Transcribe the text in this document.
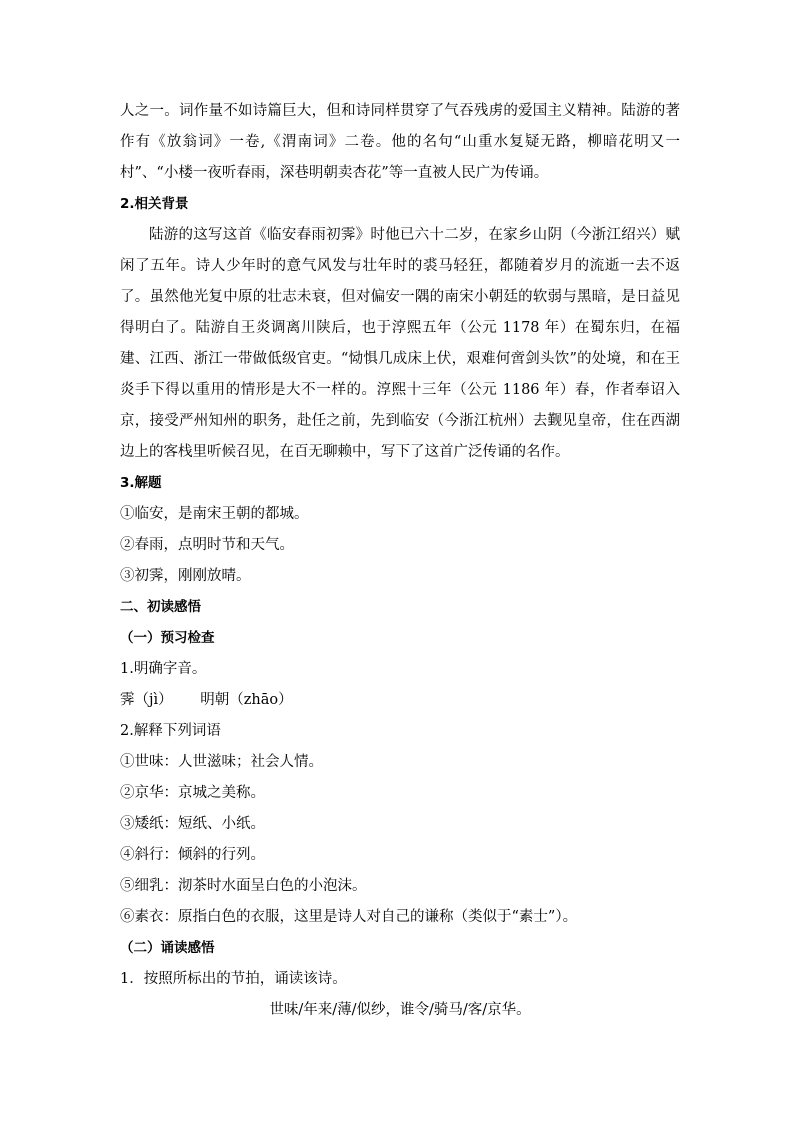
人之一。词作量不如诗篇巨大，但和诗同样贯穿了气吞残虏的爱国主义精神。陆游的著作有《放翁词》一卷,《渭南词》二卷。他的名句“山重水复疑无路，柳暗花明又一村”、“小楼一夜听春雨，深巷明朝卖杏花”等一直被人民广为传诵。

2.相关背景

陆游的这写这首《临安春雨初霁》时他已六十二岁，在家乡山阴（今浙江绍兴）赋闲了五年。诗人少年时的意气风发与壮年时的裘马轻狂，都随着岁月的流逝一去不返了。虽然他光复中原的壮志未衰，但对偏安一隅的南宋小朝廷的软弱与黑暗，是日益见得明白了。陆游自王炎调离川陕后，也于淳熙五年（公元 1178 年）在蜀东归，在福建、江西、浙江一带做低级官吏。“恸惧几成床上伏，艰难何啻剑头饮”的处境，和在王炎手下得以重用的情形是大不一样的。淳熙十三年（公元 1186 年）春，作者奉诏入京，接受严州知州的职务，赴任之前，先到临安（今浙江杭州）去觐见皇帝，住在西湖边上的客栈里听候召见，在百无聊赖中，写下了这首广泛传诵的名作。

3.解题

①临安，是南宋王朝的都城。

②春雨，点明时节和天气。

③初霁，刚刚放晴。

二、初读感悟

（一）预习检查

1.明确字音。

霁（jì）      明朝（zhāo）

2.解释下列词语

①世味：人世滋味；社会人情。

②京华：京城之美称。

③矮纸：短纸、小纸。

④斜行：倾斜的行列。

⑤细乳：沏茶时水面呈白色的小泡沫。

⑥素衣：原指白色的衣服，这里是诗人对自己的谦称（类似于“素士”）。

（二）诵读感悟

1．按照所标出的节拍，诵读该诗。

世味/年来/薄/似纱，谁令/骑马/客/京华。
